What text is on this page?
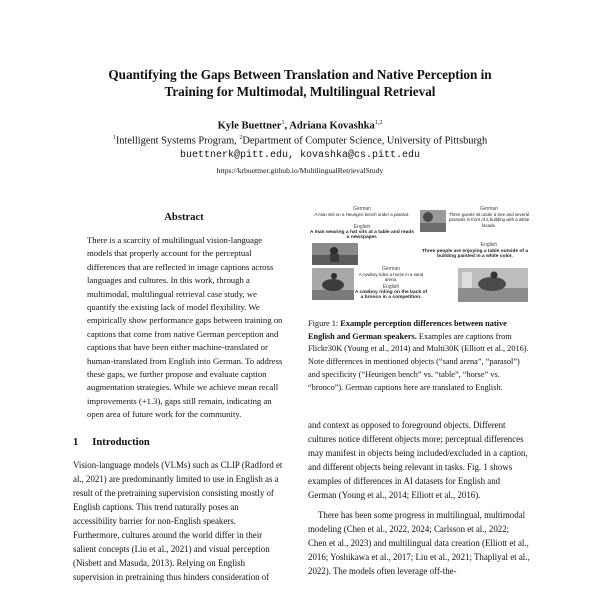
Quantifying the Gaps Between Translation and Native Perception in
Training for Multimodal, Multilingual Retrieval
Kyle Buettner$^1$, Adriana Kovashka$^{1,2}$
$^1$Intelligent Systems Program, $^2$Department of Computer Science, University of Pittsburgh
buettnerk@pitt.edu, kovashka@cs.pitt.edu
https://krbuettner.github.io/MultilingualRetrievalStudy
Abstract

There is a scarcity of multilingual vision-language models that properly account for the perceptual differences that are reflected in image captions across languages and cultures. In this work, through a multimodal, multilingual retrieval case study, we quantify the existing lack of model flexibility. We empirically show performance gaps between training on captions that come from native German perception and captions that have been either machine-translated or human-translated from English into German. To address these gaps, we further propose and evaluate caption augmentation strategies. While we achieve mean recall improvements (+1.3), gaps still remain, indicating an open area of future work for the community.

1 Introduction

Vision-language models (VLMs) such as CLIP (Radford et al., 2021) are predominantly limited to use in English as a result of the pretraining supervision consisting mostly of English captions. This trend naturally poses an accessibility barrier for non-English speakers. Furthermore, cultures around the world differ in their salient concepts (Liu et al., 2021) and visual perception (Nisbett and Masuda, 2013). Relying on English supervision in pretraining thus hinders consideration of

German
A man sits on a Heurigen bench under a parasol.
English
A man wearing a hat sits at a table and reads a newspaper.
German
Three guests sit under a tree and several parasols in front of a building with a white facade.
English
Three people are enjoying a table outside of a building painted in a white color.
German
A cowboy rides a horse in a sand arena.
English
A cowboy riding on the back of a bronco in a competition.

Figure 1: Example perception differences between native English and German speakers. Examples are captions from Flickr30K (Young et al., 2014) and Multi30K (Elliott et al., 2016). Note differences in mentioned objects (“sand arena”, “parasol”) and specificity (“Heurigen bench” vs. “table”, “horse” vs. “bronco”). German captions here are translated to English.

and context as opposed to foreground objects. Different cultures notice different objects more; perceptual differences may manifest in objects being included/excluded in a caption, and different objects being relevant in tasks. Fig. 1 shows examples of differences in AI datasets for English and German (Young et al., 2014; Elliott et al., 2016).

There has been some progress in multilingual, multimodal modeling (Chen et al., 2022, 2024; Carlsson et al., 2022; Chen et al., 2023) and multilingual data creation (Elliott et al., 2016; Yoshikawa et al., 2017; Liu et al., 2021; Thapliyal et al., 2022). The models often leverage off-the-
